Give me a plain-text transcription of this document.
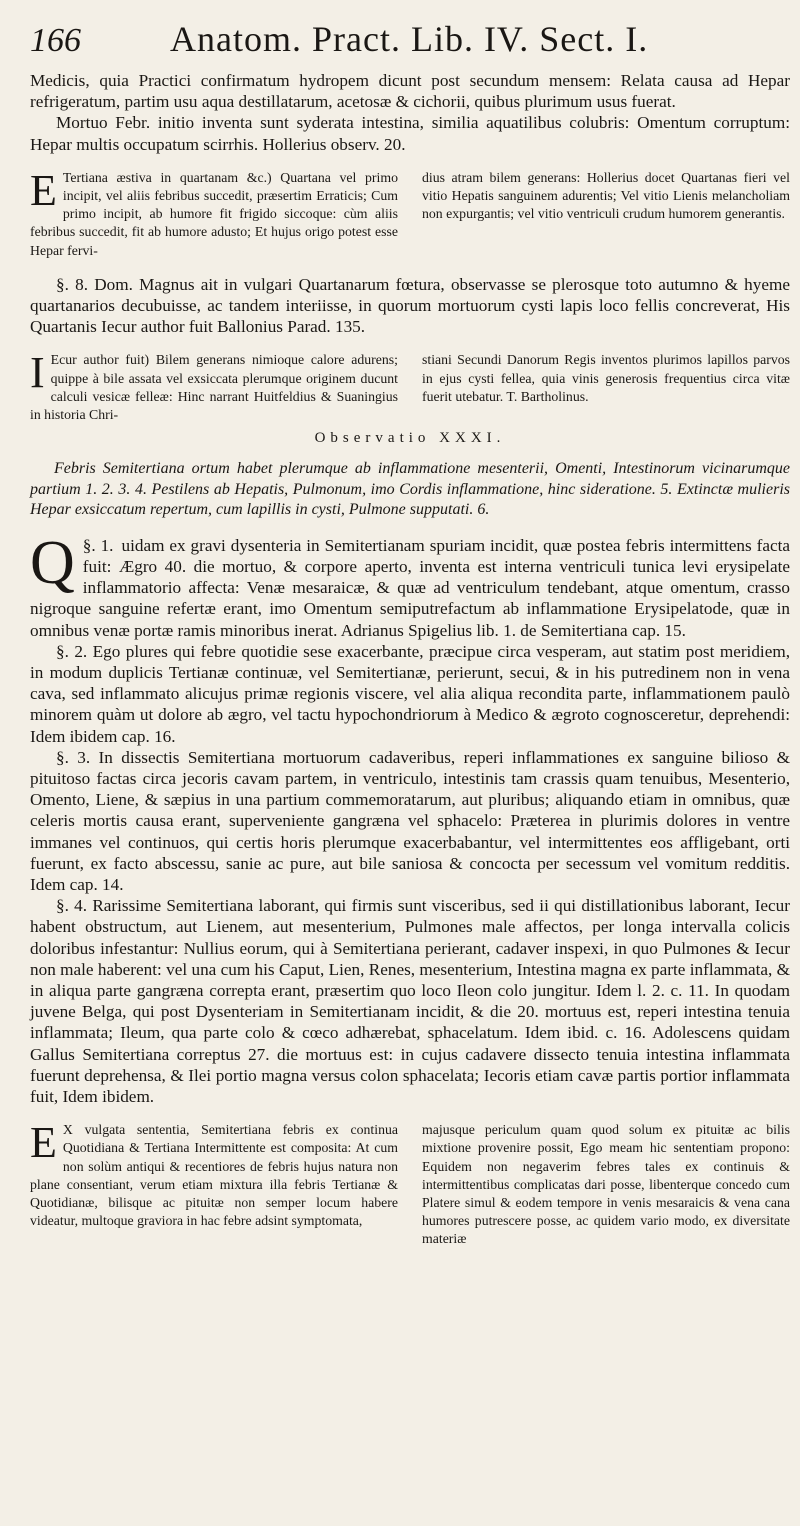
166	Anatom. Pract. Lib. IV. Sect. I.

Medicis, quia Practici confirmatum hydropem dicunt post secundum mensem: Relata causa ad Hepar refrigeratum, partim usu aqua destillatarum, acetosæ & cichorii, quibus plurimum usus fuerat.

Mortuo Febr. initio inventa sunt syderata intestina, similia aquatilibus colubris: Omentum corruptum: Hepar multis occupatum scirrhis. Hollerius observ. 20.

E Tertiana æstiva in quartanam &c.) Quartana vel primo incipit, vel aliis febribus succedit, præsertim Erraticis; Cum primo incipit, ab humore fit frigido siccoque: cùm aliis febribus succedit, fit ab humore adusto; Et hujus origo potest esse Hepar fervi-

dius atram bilem generans: Hollerius docet Quartanas fieri vel vitio Hepatis sanguinem adurentis; Vel vitio Lienis melancholiam non expurgantis; vel vitio ventriculi crudum humorem generantis.

§. 8. Dom. Magnus ait in vulgari Quartanarum fœtura, observasse se plerosque toto autumno & hyeme quartanarios decubuisse, ac tandem interiisse, in quorum mortuorum cysti lapis loco fellis concreverat, His Quartanis Iecur author fuit Ballonius Parad. 135.

I Ecur author fuit) Bilem generans nimioque calore adurens; quippe à bile assata vel exsiccata plerumque originem ducunt calculi vesicæ felleæ: Hinc narrant Huitfeldius & Suaningius in historia Chri-

stiani Secundi Danorum Regis inventos plurimos lapillos parvos in ejus cysti fellea, quia vinis generosis frequentius circa vitæ fuerit utebatur. T. Bartholinus.

Observatio XXXI.

Febris Semitertiana ortum habet plerumque ab inflammatione mesenterii, Omenti, Intestinorum vicinarumque partium 1. 2. 3. 4. Pestilens ab Hepatis, Pulmonum, imo Cordis inflammatione, hinc sideratione. 5. Extinctæ mulieris Hepar exsiccatum repertum, cum lapillis in cysti, Pulmone supputati. 6.

§. 1.
Q	uidam ex gravi dysenteria in Semitertianam spuriam incidit, quæ postea febris intermittens facta fuit: Ægro 40. die mortuo, & corpore aperto, inventa est interna ventriculi tunica levi erysipelate inflammatorio affecta: Venæ mesaraicæ, & quæ ad ventriculum tendebant, atque omentum, crasso nigroque sanguine refertæ erant, imo Omentum semiputrefactum ab inflammatione Erysipelatode, quæ in omnibus venæ portæ ramis minoribus inerat. Adrianus Spigelius lib. 1. de Semitertiana cap. 15.

§. 2. Ego plures qui febre quotidie sese exacerbante, præcipue circa vesperam, aut statim post meridiem, in modum duplicis Tertianæ continuæ, vel Semitertianæ, perierunt, secui, & in his putredinem non in vena cava, sed inflammato alicujus primæ regionis viscere, vel alia aliqua recondita parte, inflammationem paulò minorem quàm ut dolore ab ægro, vel tactu hypochondriorum à Medico & ægroto cognosceretur, deprehendi: Idem ibidem cap. 16.

§. 3. In dissectis Semitertiana mortuorum cadaveribus, reperi inflammationes ex sanguine bilioso & pituitoso factas circa jecoris cavam partem, in ventriculo, intestinis tam crassis quam tenuibus, Mesenterio, Omento, Liene, & sæpius in una partium commemoratarum, aut pluribus; aliquando etiam in omnibus, quæ celeris mortis causa erant, superveniente gangræna vel sphacelo: Præterea in plurimis dolores in ventre immanes vel continuos, qui certis horis plerumque exacerbabantur, vel intermittentes eos affligebant, orti fuerunt, ex facto abscessu, sanie ac pure, aut bile saniosa & concocta per secessum vel vomitum redditis. Idem cap. 14.

§. 4. Rarissime Semitertiana laborant, qui firmis sunt visceribus, sed ii qui distillationibus laborant, Iecur habent obstructum, aut Lienem, aut mesenterium, Pulmones male affectos, per longa intervalla colicis doloribus infestantur: Nullius eorum, qui à Semitertiana perierant, cadaver inspexi, in quo Pulmones & Iecur non male haberent: vel una cum his Caput, Lien, Renes, mesenterium, Intestina magna ex parte inflammata, & in aliqua parte gangræna correpta erant, præsertim quo loco Ileon colo jungitur. Idem l. 2. c. 11. In quodam juvene Belga, qui post Dysenteriam in Semitertianam incidit, & die 20. mortuus est, reperi intestina tenuia inflammata; Ileum, qua parte colo & cœco adhærebat, sphacelatum. Idem ibid. c. 16. Adolescens quidam Gallus Semitertiana correptus 27. die mortuus est: in cujus cadavere dissecto tenuia intestina inflammata fuerunt deprehensa, & Ilei portio magna versus colon sphacelata; Iecoris etiam cavæ partis portior inflammata fuit, Idem ibidem.

E X vulgata sententia, Semitertiana febris ex continua Quotidiana & Tertiana Intermittente est composita: At cum non solùm antiqui & recentiores de febris hujus natura non plane consentiant, verum etiam mixtura illa febris Tertianæ & Quotidianæ, bilisque ac pituitæ non semper locum habere videatur, multoque graviora in hac febre adsint symptomata,

majusque periculum quam quod solum ex pituitæ ac bilis mixtione provenire possit, Ego meam hic sententiam propono: Equidem non negaverim febres tales ex continuis & intermittentibus complicatas dari posse, libenterque concedo cum Platere simul & eodem tempore in venis mesaraicis & vena cana humores putrescere posse, ac quidem vario modo, ex diversitate materiæ
